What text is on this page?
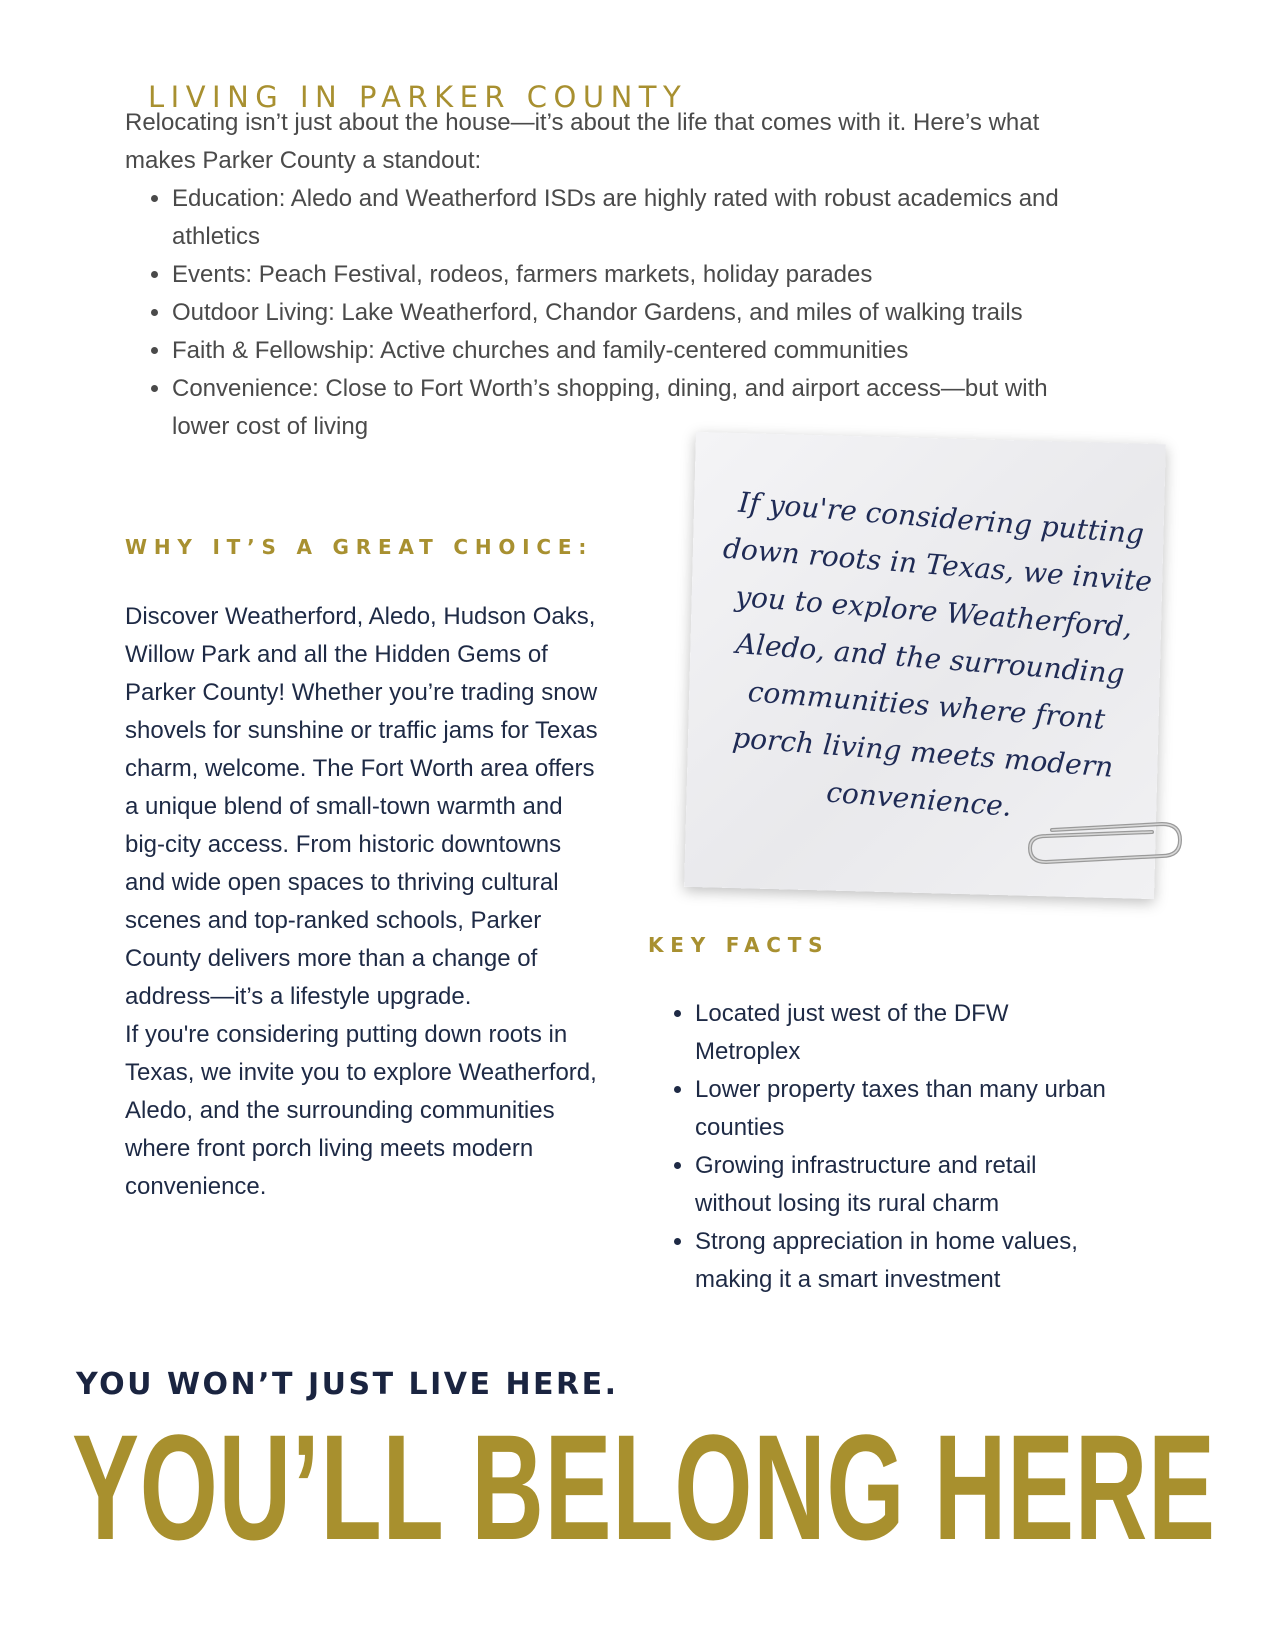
LIVING IN PARKER COUNTY

Relocating isn’t just about the house—it’s about the life that comes with it. Here’s what makes Parker County a standout:

• Education: Aledo and Weatherford ISDs are highly rated with robust academics and athletics
• Events: Peach Festival, rodeos, farmers markets, holiday parades
• Outdoor Living: Lake Weatherford, Chandor Gardens, and miles of walking trails
• Faith & Fellowship: Active churches and family-centered communities
• Convenience: Close to Fort Worth’s shopping, dining, and airport access—but with lower cost of living
WHY IT’S A GREAT CHOICE:

Discover Weatherford, Aledo, Hudson Oaks, Willow Park and all the Hidden Gems of Parker County! Whether you’re trading snow shovels for sunshine or traffic jams for Texas charm, welcome. The Fort Worth area offers a unique blend of small-town warmth and big-city access. From historic downtowns and wide open spaces to thriving cultural scenes and top-ranked schools, Parker County delivers more than a change of address—it’s a lifestyle upgrade.

If you're considering putting down roots in Texas, we invite you to explore Weatherford, Aledo, and the surrounding communities where front porch living meets modern convenience.

If you're considering putting down roots in Texas, we invite you to explore Weatherford, Aledo, and the surrounding communities where front porch living meets modern convenience.
KEY FACTS
• Located just west of the DFW Metroplex
• Lower property taxes than many urban counties
• Growing infrastructure and retail without losing its rural charm
• Strong appreciation in home values, making it a smart investment
YOU WON’T JUST LIVE HERE.
YOU’LL BELONG HERE
